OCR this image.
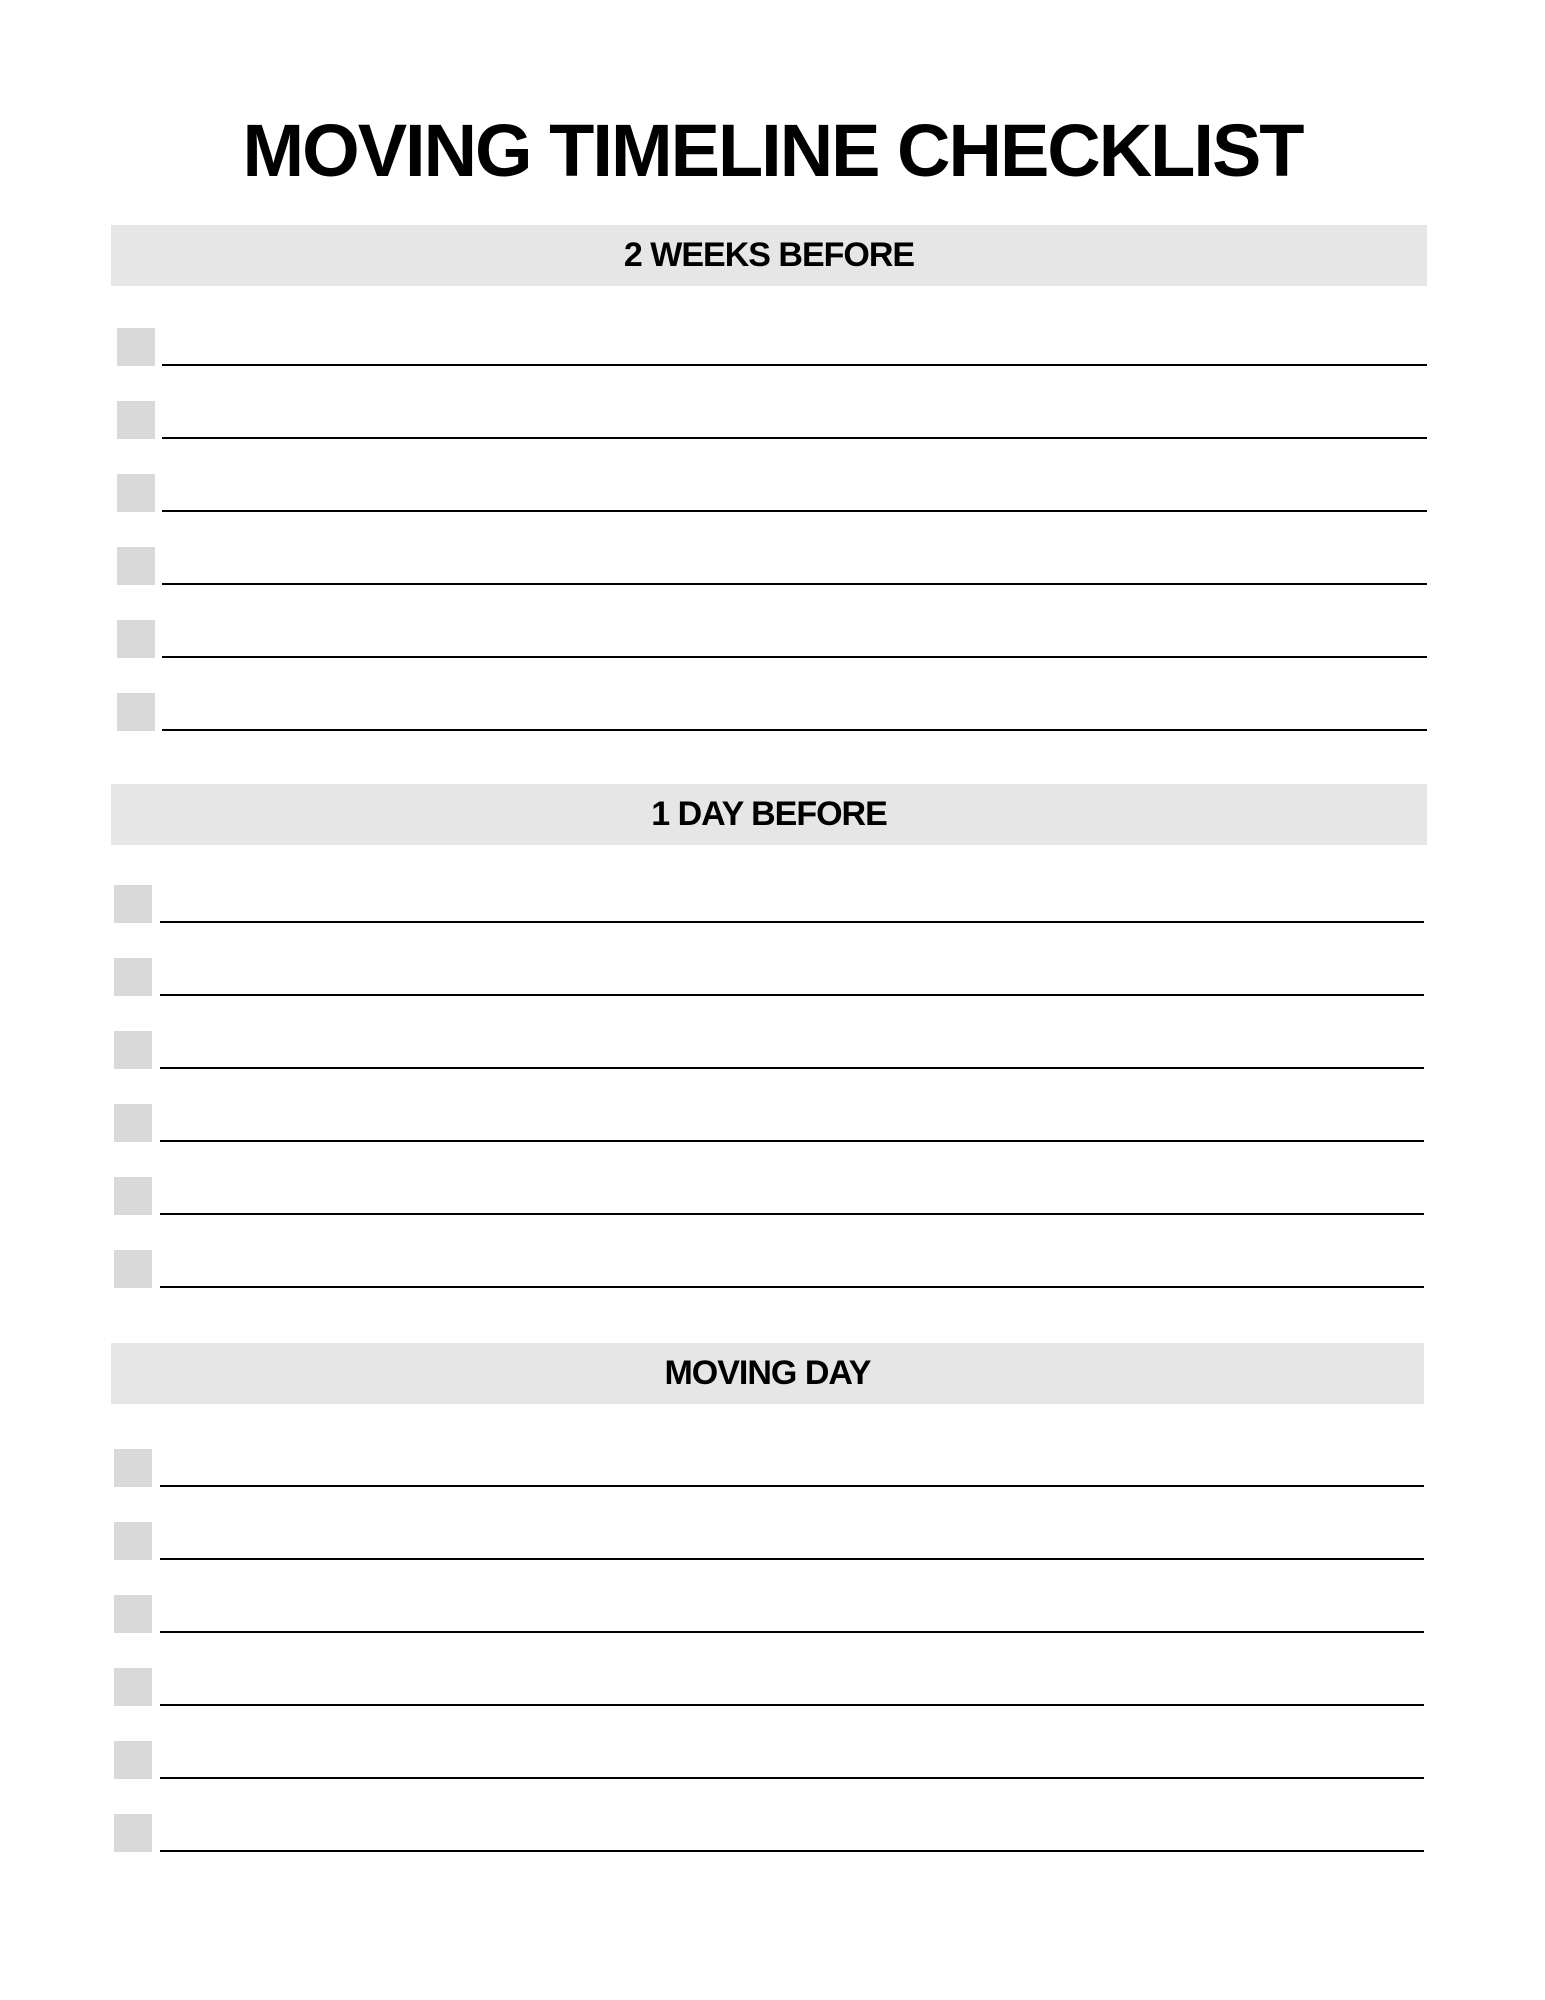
MOVING TIMELINE CHECKLIST
2 WEEKS BEFORE
1 DAY BEFORE
MOVING DAY
